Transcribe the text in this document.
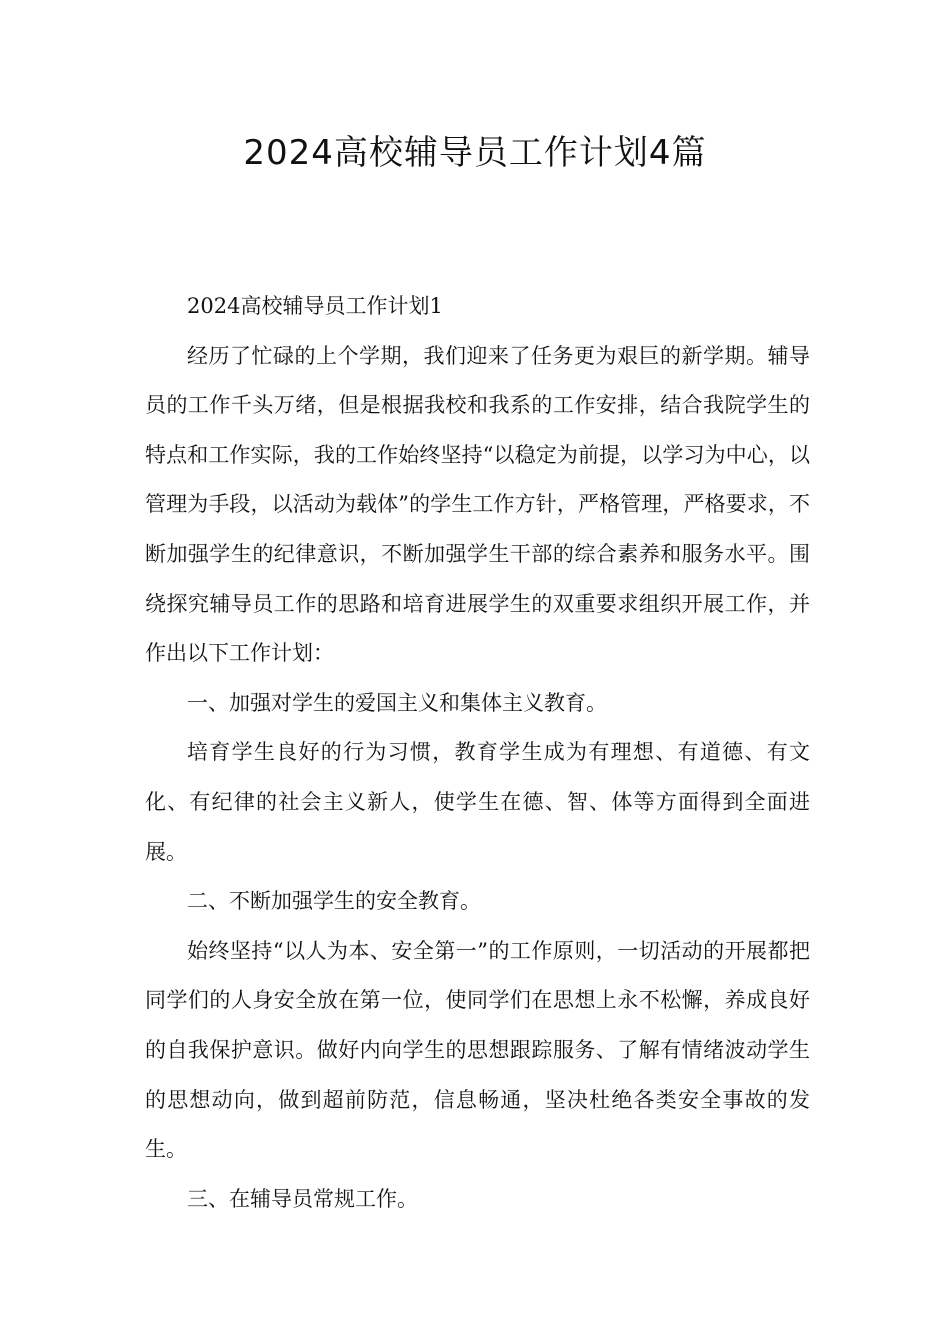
2024高校辅导员工作计划4篇

2024高校辅导员工作计划1

经历了忙碌的上个学期，我们迎来了任务更为艰巨的新学期。辅导员的工作千头万绪，但是根据我校和我系的工作安排，结合我院学生的特点和工作实际，我的工作始终坚持“以稳定为前提，以学习为中心，以管理为手段，以活动为载体”的学生工作方针，严格管理，严格要求，不断加强学生的纪律意识，不断加强学生干部的综合素养和服务水平。围绕探究辅导员工作的思路和培育进展学生的双重要求组织开展工作，并作出以下工作计划：

一、加强对学生的爱国主义和集体主义教育。

培育学生良好的行为习惯，教育学生成为有理想、有道德、有文化、有纪律的社会主义新人，使学生在德、智、体等方面得到全面进展。

二、不断加强学生的安全教育。

始终坚持“以人为本、安全第一”的工作原则，一切活动的开展都把同学们的人身安全放在第一位，使同学们在思想上永不松懈，养成良好的自我保护意识。做好内向学生的思想跟踪服务、了解有情绪波动学生的思想动向，做到超前防范，信息畅通，坚决杜绝各类安全事故的发生。

三、在辅导员常规工作。
